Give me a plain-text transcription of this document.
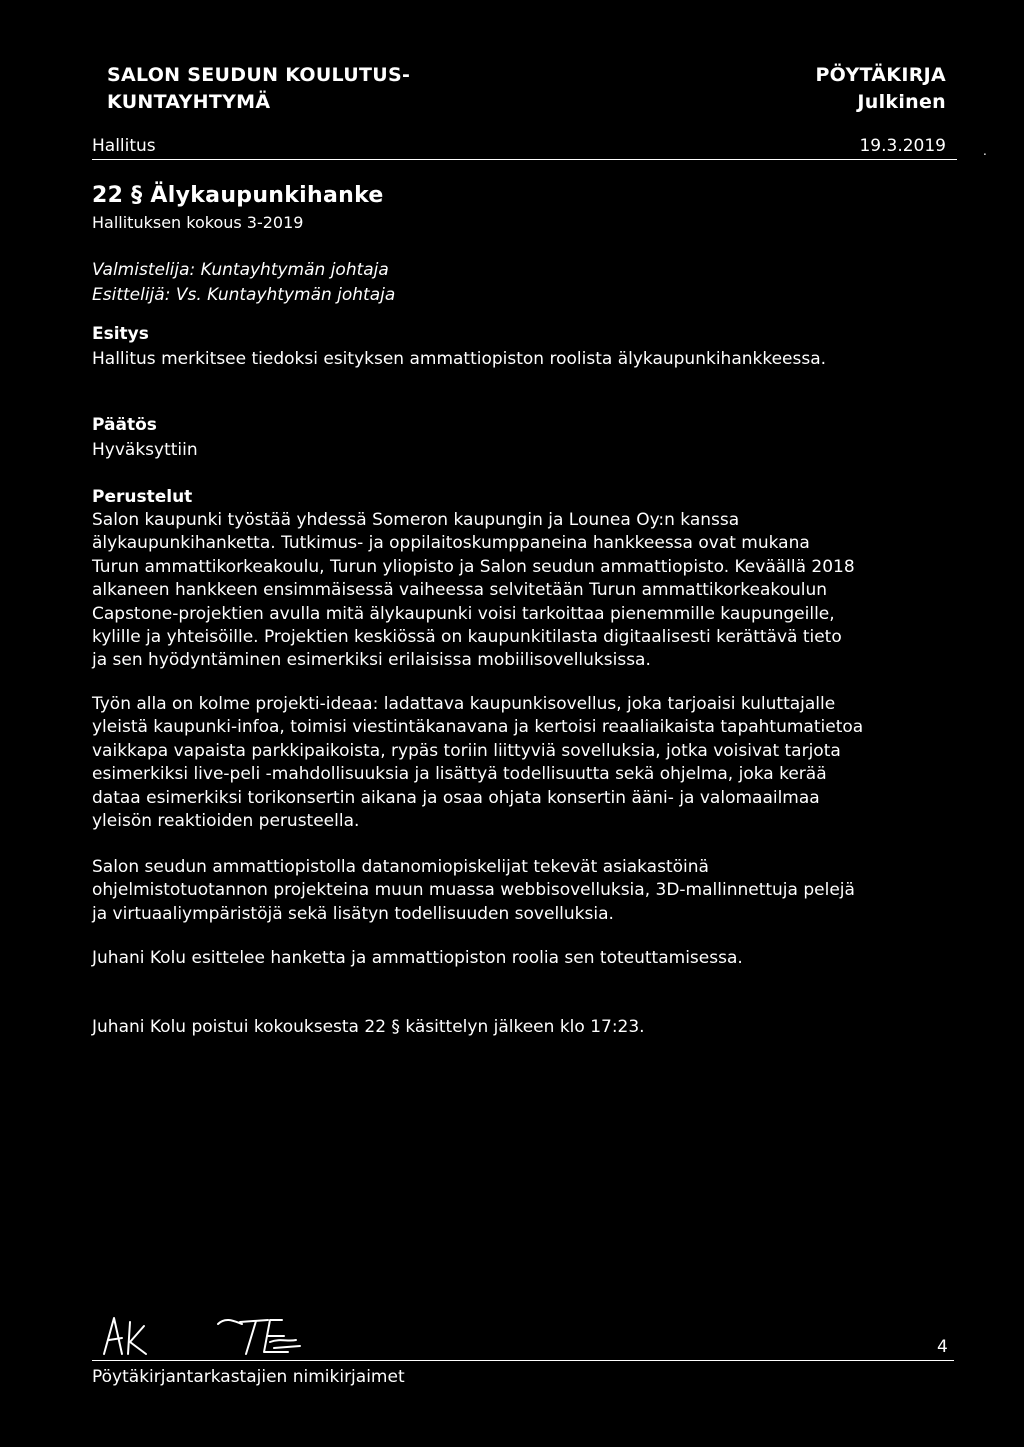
SALON SEUDUN KOULUTUS-
KUNTAYHTYMÄ
PÖYTÄKIRJA
Julkinen
Hallitus	19.3.2019	.
22 § Älykaupunkihanke
Hallituksen kokous 3-2019
Valmistelija: Kuntayhtymän johtaja
Esittelijä: Vs. Kuntayhtymän johtaja
Esitys
Hallitus merkitsee tiedoksi esityksen ammattiopiston roolista älykaupunkihankkeessa.
Päätös
Hyväksyttiin
Perustelut
Salon kaupunki työstää yhdessä Someron kaupungin ja Lounea Oy:n kanssa
älykaupunkihanketta. Tutkimus- ja oppilaitoskumppaneina hankkeessa ovat mukana
Turun ammattikorkeakoulu, Turun yliopisto ja Salon seudun ammattiopisto. Keväällä 2018
alkaneen hankkeen ensimmäisessä vaiheessa selvitetään Turun ammattikorkeakoulun
Capstone-projektien avulla mitä älykaupunki voisi tarkoittaa pienemmille kaupungeille,
kylille ja yhteisöille. Projektien keskiössä on kaupunkitilasta digitaalisesti kerättävä tieto
ja sen hyödyntäminen esimerkiksi erilaisissa mobiilisovelluksissa.
Työn alla on kolme projekti-ideaa: ladattava kaupunkisovellus, joka tarjoaisi kuluttajalle
yleistä kaupunki-infoa, toimisi viestintäkanavana ja kertoisi reaaliaikaista tapahtumatietoa
vaikkapa vapaista parkkipaikoista, rypäs toriin liittyviä sovelluksia, jotka voisivat tarjota
esimerkiksi live-peli -mahdollisuuksia ja lisättyä todellisuutta sekä ohjelma, joka kerää
dataa esimerkiksi torikonsertin aikana ja osaa ohjata konsertin ääni- ja valomaailmaa
yleisön reaktioiden perusteella.
Salon seudun ammattiopistolla datanomiopiskelijat tekevät asiakastöinä
ohjelmistotuotannon projekteina muun muassa webbisovelluksia, 3D-mallinnettuja pelejä
ja virtuaaliympäristöjä sekä lisätyn todellisuuden sovelluksia.
Juhani Kolu esittelee hanketta ja ammattiopiston roolia sen toteuttamisessa.
Juhani Kolu poistui kokouksesta 22 § käsittelyn jälkeen klo 17:23.
4
Pöytäkirjantarkastajien nimikirjaimet
